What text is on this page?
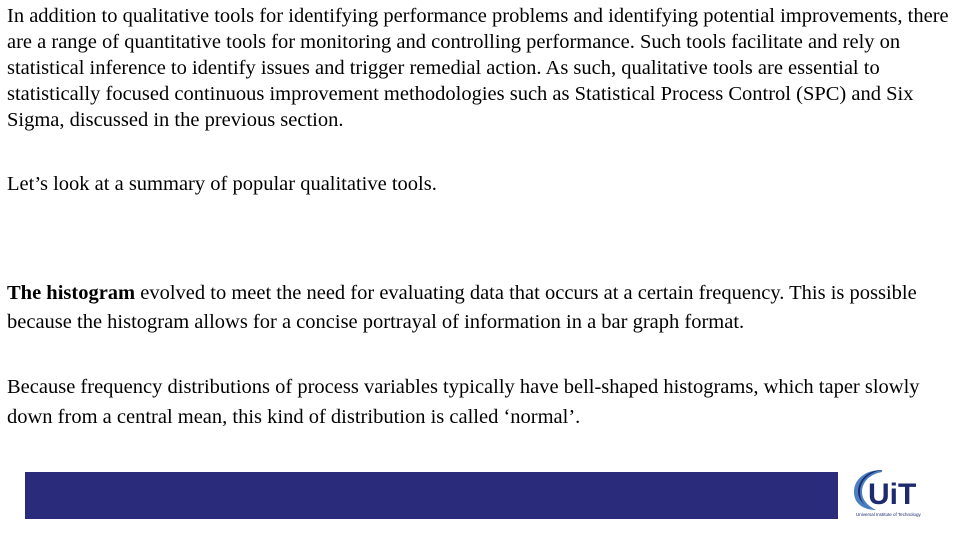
In addition to qualitative tools for identifying performance problems and identifying potential improvements, there are a range of quantitative tools for monitoring and controlling performance. Such tools facilitate and rely on statistical inference to identify issues and trigger remedial action. As such, qualitative tools are essential to statistically focused continuous improvement methodologies such as Statistical Process Control (SPC) and Six Sigma, discussed in the previous section.

Let’s look at a summary of popular qualitative tools.

The histogram evolved to meet the need for evaluating data that occurs at a certain frequency. This is possible because the histogram allows for a concise portrayal of information in a bar graph format.

Because frequency distributions of process variables typically have bell-shaped histograms, which taper slowly down from a central mean, this kind of distribution is called ‘normal’.

UiT
Universal Institute of Technology
